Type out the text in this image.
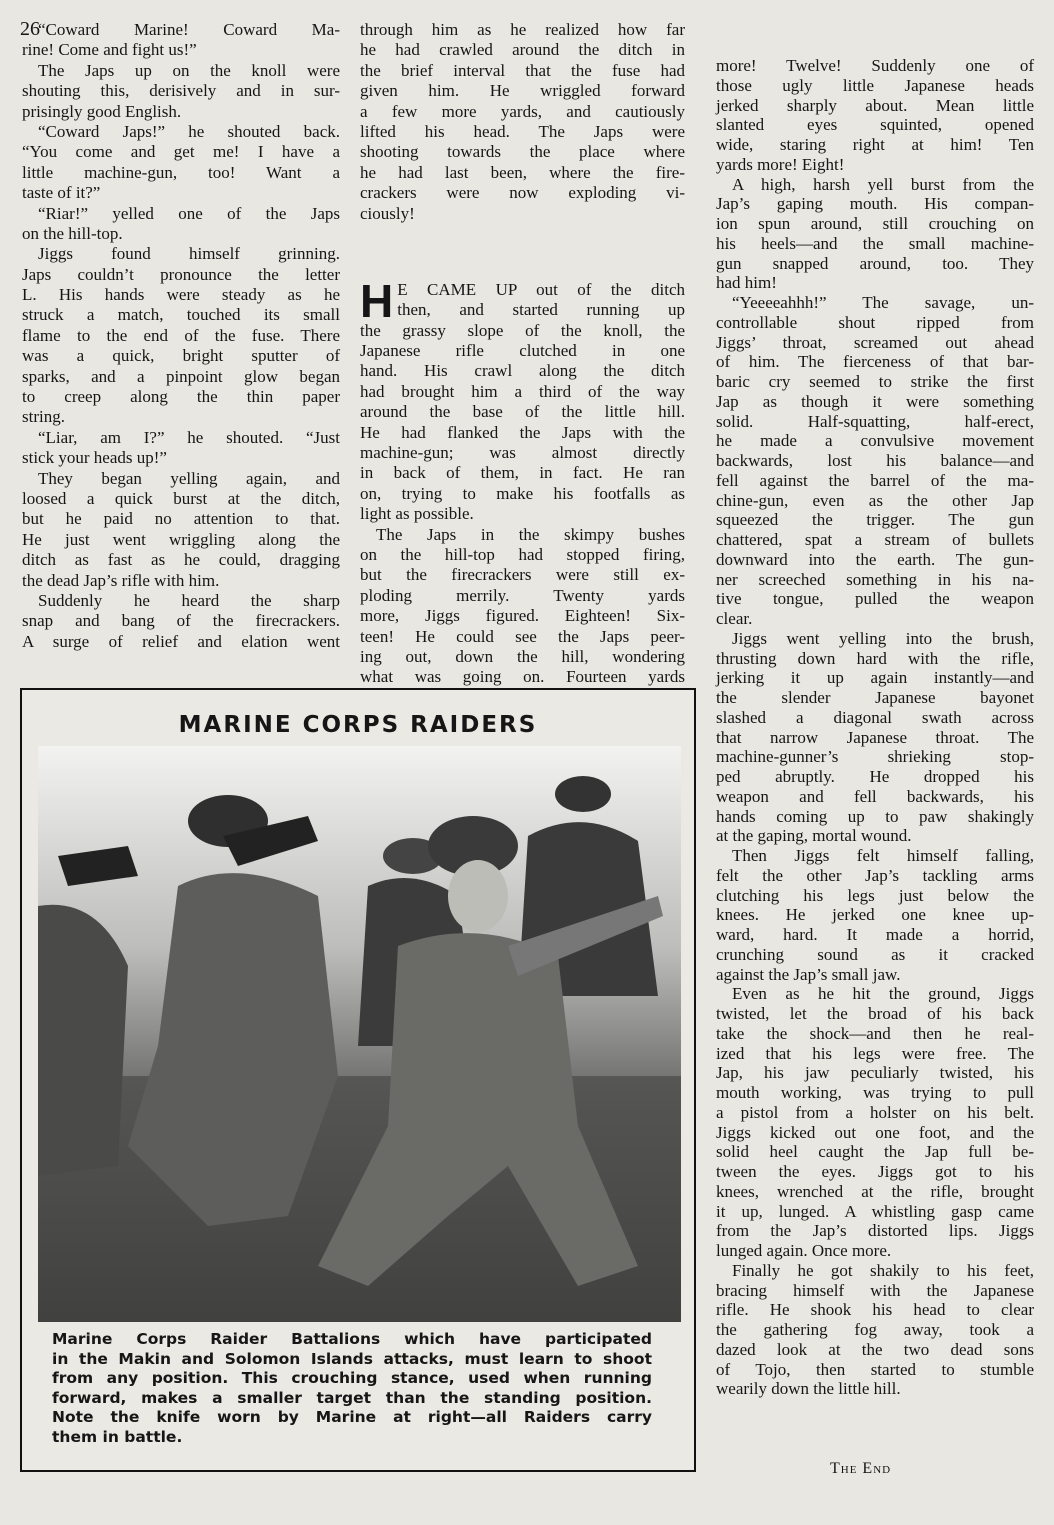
26
“Coward Marine! Coward Ma-
rine! Come and fight us!”
The Japs up on the knoll were
shouting this, derisively and in sur-
prisingly good English.
“Coward Japs!” he shouted back.
“You come and get me! I have a
little machine-gun, too! Want a
taste of it?”
“Riar!” yelled one of the Japs
on the hill-top.
Jiggs found himself grinning.
Japs couldn’t pronounce the letter
L. His hands were steady as he
struck a match, touched its small
flame to the end of the fuse. There
was a quick, bright sputter of
sparks, and a pinpoint glow began
to creep along the thin paper
string.
“Liar, am I?” he shouted. “Just
stick your heads up!”
They began yelling again, and
loosed a quick burst at the ditch,
but he paid no attention to that.
He just went wriggling along the
ditch as fast as he could, dragging
the dead Jap’s rifle with him.
Suddenly he heard the sharp
snap and bang of the firecrackers.
A surge of relief and elation went
through him as he realized how far
he had crawled around the ditch in
the brief interval that the fuse had
given him. He wriggled forward
a few more yards, and cautiously
lifted his head. The Japs were
shooting towards the place where
he had last been, where the fire-
crackers were now exploding vi-
ciously!
H E CAME UP out of the ditch
then, and started running up
the grassy slope of the knoll, the
Japanese rifle clutched in one
hand. His crawl along the ditch
had brought him a third of the way
around the base of the little hill.
He had flanked the Japs with the
machine-gun; was almost directly
in back of them, in fact. He ran
on, trying to make his footfalls as
light as possible.
The Japs in the skimpy bushes
on the hill-top had stopped firing,
but the firecrackers were still ex-
ploding merrily. Twenty yards
more, Jiggs figured. Eighteen! Six-
teen! He could see the Japs peer-
ing out, down the hill, wondering
what was going on. Fourteen yards
more! Twelve! Suddenly one of
those ugly little Japanese heads
jerked sharply about. Mean little
slanted eyes squinted, opened
wide, staring right at him! Ten
yards more! Eight!
A high, harsh yell burst from the
Jap’s gaping mouth. His compan-
ion spun around, still crouching on
his heels—and the small machine-
gun snapped around, too. They
had him!
“Yeeeeahhh!” The savage, un-
controllable shout ripped from
Jiggs’ throat, screamed out ahead
of him. The fierceness of that bar-
baric cry seemed to strike the first
Jap as though it were something
solid. Half-squatting, half-erect,
he made a convulsive movement
backwards, lost his balance—and
fell against the barrel of the ma-
chine-gun, even as the other Jap
squeezed the trigger. The gun
chattered, spat a stream of bullets
downward into the earth. The gun-
ner screeched something in his na-
tive tongue, pulled the weapon
clear.
Jiggs went yelling into the brush,
thrusting down hard with the rifle,
jerking it up again instantly—and
the slender Japanese bayonet
slashed a diagonal swath across
that narrow Japanese throat. The
machine-gunner’s shrieking stop-
ped abruptly. He dropped his
weapon and fell backwards, his
hands coming up to paw shakingly
at the gaping, mortal wound.
Then Jiggs felt himself falling,
felt the other Jap’s tackling arms
clutching his legs just below the
knees. He jerked one knee up-
ward, hard. It made a horrid,
crunching sound as it cracked
against the Jap’s small jaw.
Even as he hit the ground, Jiggs
twisted, let the broad of his back
take the shock—and then he real-
ized that his legs were free. The
Jap, his jaw peculiarly twisted, his
mouth working, was trying to pull
a pistol from a holster on his belt.
Jiggs kicked out one foot, and the
solid heel caught the Jap full be-
tween the eyes. Jiggs got to his
knees, wrenched at the rifle, brought
it up, lunged. A whistling gasp came
from the Jap’s distorted lips. Jiggs
lunged again. Once more.
Finally he got shakily to his feet,
bracing himself with the Japanese
rifle. He shook his head to clear
the gathering fog away, took a
dazed look at the two dead sons
of Tojo, then started to stumble
wearily down the little hill.
The End
MARINE CORPS RAIDERS
Marine Corps Raider Battalions which have participated
in the Makin and Solomon Islands attacks, must learn to shoot
from any position. This crouching stance, used when running
forward, makes a smaller target than the standing position.
Note the knife worn by Marine at right—all Raiders carry
them in battle.
